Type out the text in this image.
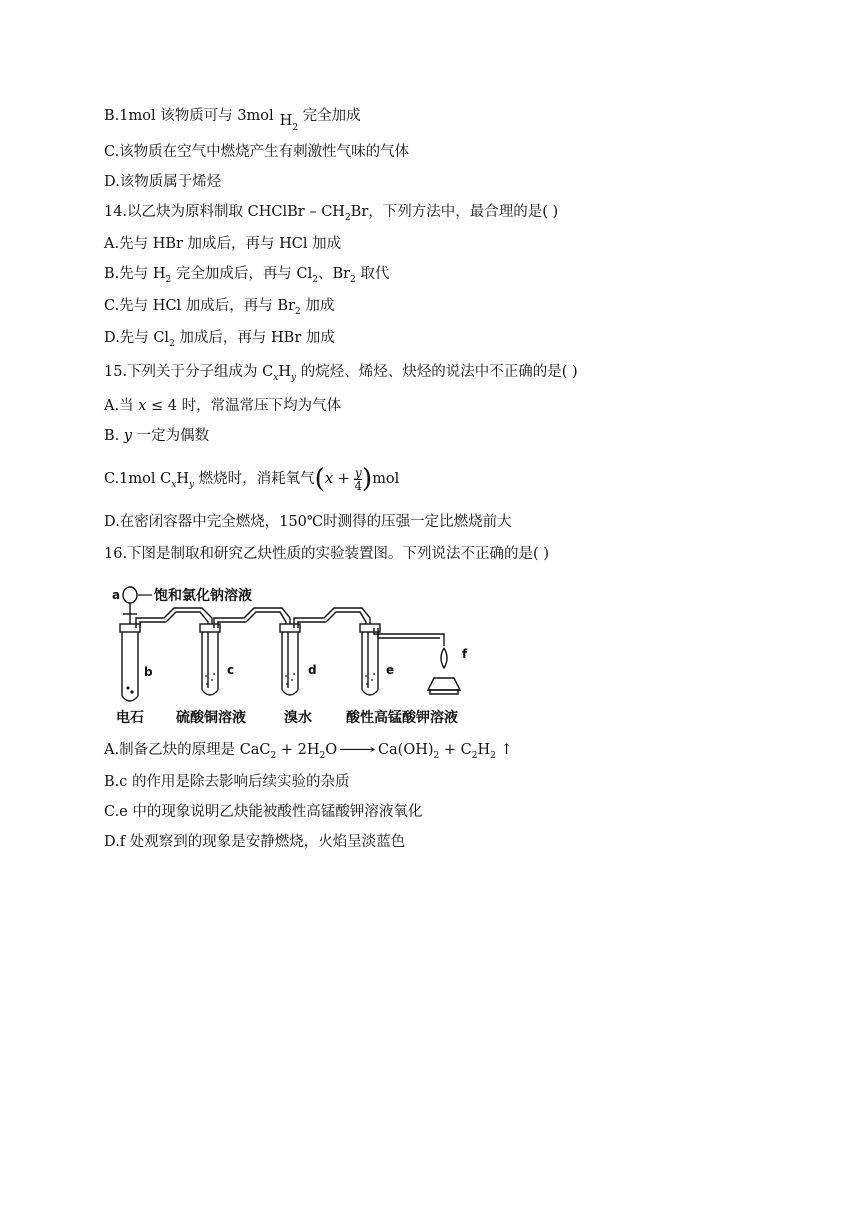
B.1mol 该物质可与 3mol $H_2$ 完全加成
C.该物质在空气中燃烧产生有刺激性气味的气体
D.该物质属于烯烃
14.以乙炔为原料制取 CHClBr – $CH_2Br$，下列方法中，最合理的是( )
A.先与 HBr 加成后，再与 HCl 加成
B.先与 $H_2$ 完全加成后，再与 $Cl_2$、$Br_2$ 取代
C.先与 HCl 加成后，再与 $Br_2$ 加成
D.先与 $Cl_2$ 加成后，再与 HBr 加成
15.下列关于分子组成为 $C_xH_y$ 的烷烃、烯烃、炔烃的说法中不正确的是( )
A.当 x ≤ 4 时，常温常压下均为气体
B. y 一定为偶数
C.1mol $C_xH_y$ 燃烧时，消耗氧气$(x + \frac{y}{4} )mol$
D.在密闭容器中完全燃烧，150℃时测得的压强一定比燃烧前大
16.下图是制取和研究乙炔性质的实验装置图。下列说法不正确的是( )
饱和氯化钠溶液
a
b	c	d	e
f
电石 硫酸铜溶液	溴水 酸性高锰酸钾溶液
A.制备乙炔的原理是 $CaC_2 + 2H_2O$ ⟶ $Ca(OH)_2 + C_2H_2$ ↑
B.c 的作用是除去影响后续实验的杂质
C.e 中的现象说明乙炔能被酸性高锰酸钾溶液氧化
D.f 处观察到的现象是安静燃烧，火焰呈淡蓝色
